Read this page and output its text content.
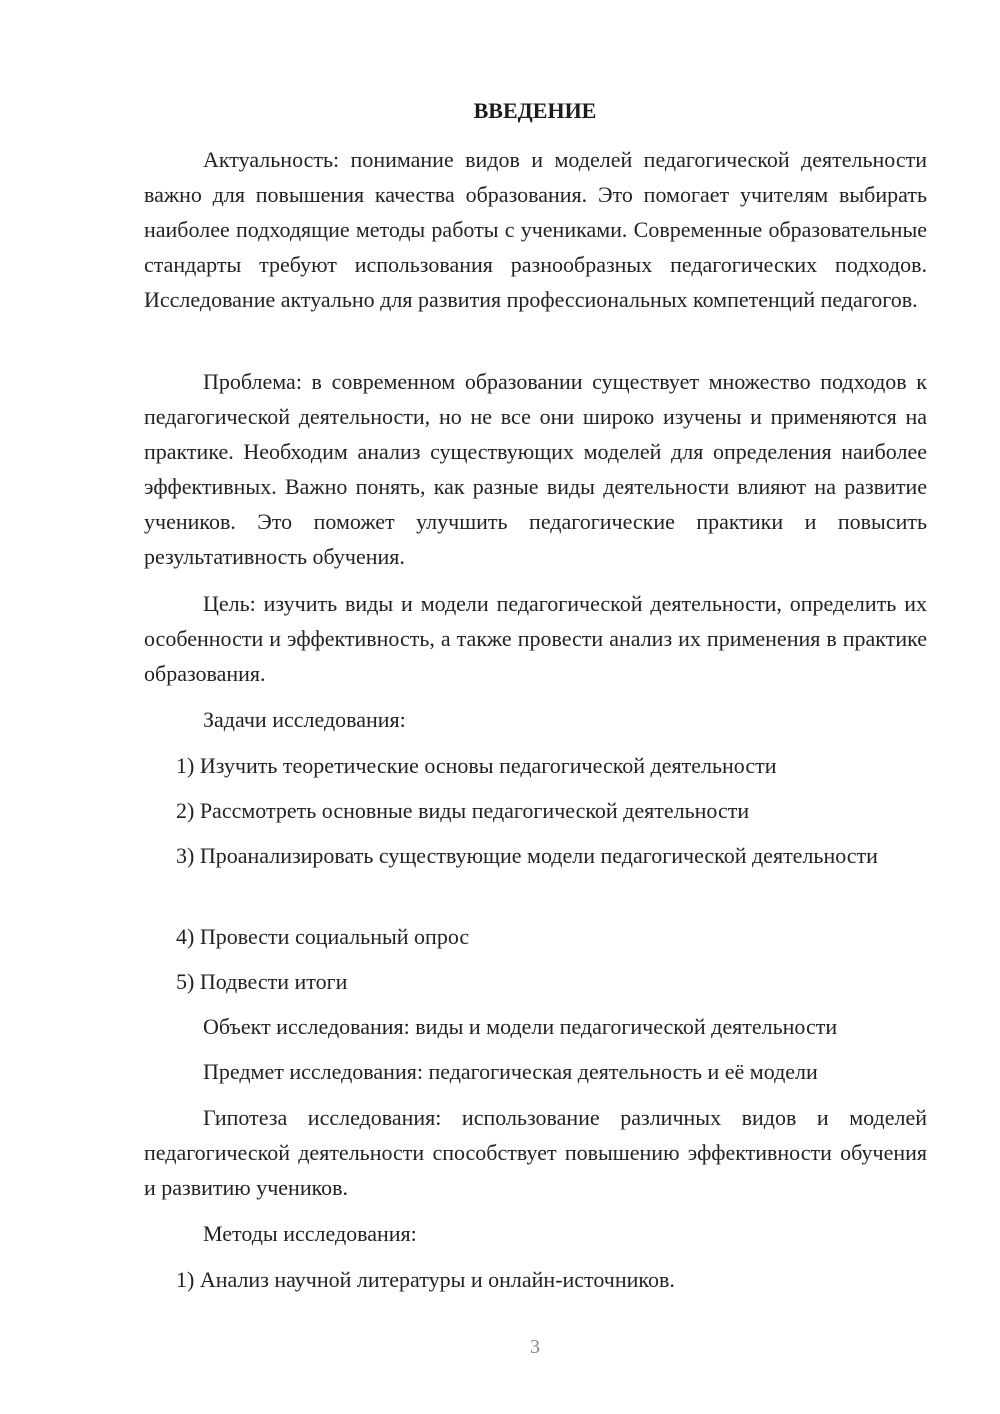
ВВЕДЕНИЕ

Актуальность: понимание видов и моделей педагогической деятельности важно для повышения качества образования. Это помогает учителям выбирать наиболее подходящие методы работы с учениками. Современные образовательные стандарты требуют использования разнообразных педагогических подходов. Исследование актуально для развития профессиональных компетенций педагогов.

Проблема: в современном образовании существует множество подходов к педагогической деятельности, но не все они широко изучены и применяются на практике. Необходим анализ существующих моделей для определения наиболее эффективных. Важно понять, как разные виды деятельности влияют на развитие учеников. Это поможет улучшить педагогические практики и повысить результативность обучения.

Цель: изучить виды и модели педагогической деятельности, определить их особенности и эффективность, а также провести анализ их применения в практике образования.

Задачи исследования:

1) Изучить теоретические основы педагогической деятельности

2) Рассмотреть основные виды педагогической деятельности

3) Проанализировать существующие модели педагогической деятельности

4) Провести социальный опрос

5) Подвести итоги

Объект исследования: виды и модели педагогической деятельности

Предмет исследования: педагогическая деятельность и её модели

Гипотеза исследования: использование различных видов и моделей педагогической деятельности способствует повышению эффективности обучения и развитию учеников.

Методы исследования:

1) Анализ научной литературы и онлайн-источников.

3
